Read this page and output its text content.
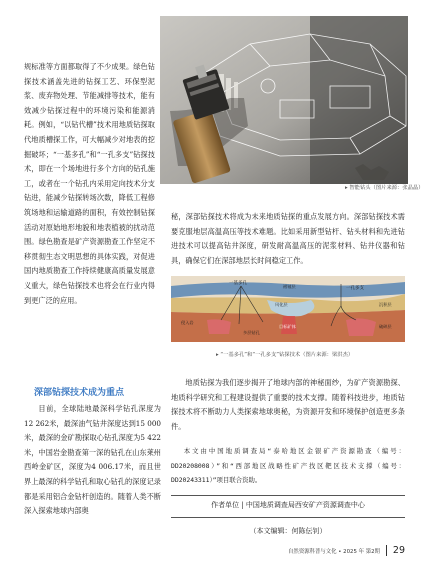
▸ 智能钻头（图片来源：张晶晶）

规标准等方面都取得了不少成果。绿色钻探技术涵盖先进的钻探工艺、环保型泥浆、废弃物处理、节能减排等技术，能有效减少钻探过程中的环境污染和能源消耗。例如，“以钻代槽”技术用地质钻探取代地质槽探工作，可大幅减少对地表的挖掘破坏；“一基多孔”和“一孔多支”钻探技术，即在一个场地进行多个方向的钻孔施工，或者在一个钻孔内采用定向技术分支钻进，能减少钻探转场次数，降低工程修筑场地和运输道路的面积，有效控制钻探活动对原始地形地貌和地表植被的扰动范围。绿色勘查是矿产资源勘查工作坚定不移贯彻生态文明思想的具体实践，对促进国内地质勘查工作持续健康高质量发展意义重大，绿色钻探技术也将会在行业内得到更广泛的应用。

深部钻探技术成为重点

目前，全球陆地最深科学钻孔深度为12 262米，最深油气钻井深度达到15 000米，最深的金矿勘探取心钻孔深度为5 422米，中国岩金勘查第一深的钻孔在山东莱州西岭金矿区，深度为4 006.17米，而且世界上最深的科学钻孔和取心钻孔的深度记录都是采用铝合金钻杆创造的。随着人类不断深入探索地球内部奥

秘，深部钻探技术将成为未来地质钻探的重点发展方向。深部钻探技术需要克服地层高温高压等技术难题。比如采用新型钻杆、钻头材料和先进钻进技术可以提高钻井深度，研发耐高温高压的泥浆材料、钻井仪器和钻具，确保它们在深部地层长时间稳定工作。

一基多孔
一孔多支
风化层
褶皱层
目标矿体
沉积层
侵入岩
多层钻孔
破碎层
▸ “一基多孔”和“一孔多支”钻探技术（图片来源：梁洪杰）

地质钻探为我们逐步揭开了地球内部的神秘面纱，为矿产资源勘探、地质科学研究和工程建设提供了重要的技术支撑。随着科技进步，地质钻探技术将不断助力人类探索地球奥秘，为资源开发和环境保护创造更多条件。

本文由中国地质调查局“泰哈地区金银矿产资源勘查（编号：DD20208008）”和“西部地区战略性矿产找区靶区技术支撑（编号：DD20243311）”项目联合资助。

作者单位 | 中国地质调查局西安矿产资源调查中心
（本文编辑：何陈伝钊）
自然资源科普与文化 • 2025 年 第2期	29
